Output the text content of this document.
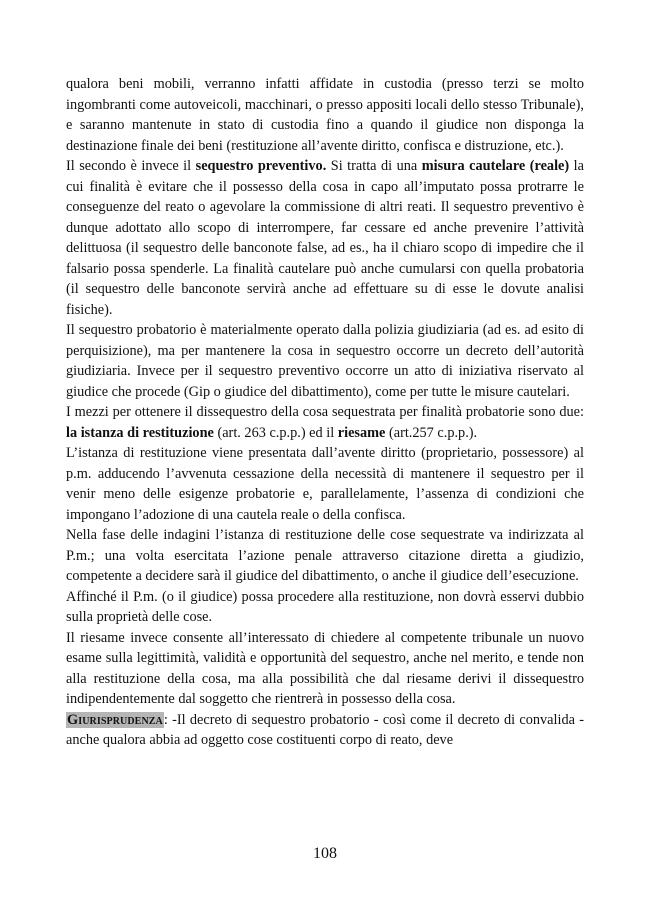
qualora beni mobili, verranno infatti affidate in custodia (presso terzi se molto ingombranti come autoveicoli, macchinari, o presso appositi locali dello stesso Tribunale), e saranno mantenute in stato di custodia fino a quando il giudice non disponga la destinazione finale dei beni (restituzione all’avente diritto, confisca e distruzione, etc.).

Il secondo è invece il sequestro preventivo. Si tratta di una misura cautelare (reale) la cui finalità è evitare che il possesso della cosa in capo all’imputato possa protrarre le conseguenze del reato o agevolare la commissione di altri reati. Il sequestro preventivo è dunque adottato allo scopo di interrompere, far cessare ed anche prevenire l’attività delittuosa (il sequestro delle banconote false, ad es., ha il chiaro scopo di impedire che il falsario possa spenderle. La finalità cautelare può anche cumularsi con quella probatoria (il sequestro delle banconote servirà anche ad effettuare su di esse le dovute analisi fisiche).

Il sequestro probatorio è materialmente operato dalla polizia giudiziaria (ad es. ad esito di perquisizione), ma per mantenere la cosa in sequestro occorre un decreto dell’autorità giudiziaria. Invece per il sequestro preventivo occorre un atto di iniziativa riservato al giudice che procede (Gip o giudice del dibattimento), come per tutte le misure cautelari.

I mezzi per ottenere il dissequestro della cosa sequestrata per finalità probatorie sono due: la istanza di restituzione (art. 263 c.p.p.) ed il riesame (art.257 c.p.p.).

L’istanza di restituzione viene presentata dall’avente diritto (proprietario, possessore) al p.m. adducendo l’avvenuta cessazione della necessità di mantenere il sequestro per il venir meno delle esigenze probatorie e, parallelamente, l’assenza di condizioni che impongano l’adozione di una cautela reale o della confisca.

Nella fase delle indagini l’istanza di restituzione delle cose sequestrate va indirizzata al P.m.; una volta esercitata l’azione penale attraverso citazione diretta a giudizio, competente a decidere sarà il giudice del dibattimento, o anche il giudice dell’esecuzione.

Affinché il P.m. (o il giudice) possa procedere alla restituzione, non dovrà esservi dubbio sulla proprietà delle cose.

Il riesame invece consente all’interessato di chiedere al competente tribunale un nuovo esame sulla legittimità, validità e opportunità del sequestro, anche nel merito, e tende non alla restituzione della cosa, ma alla possibilità che dal riesame derivi il dissequestro indipendentemente dal soggetto che rientrerà in possesso della cosa.

Giurisprudenza: -Il decreto di sequestro probatorio - così come il decreto di convalida - anche qualora abbia ad oggetto cose costituenti corpo di reato, deve

108
